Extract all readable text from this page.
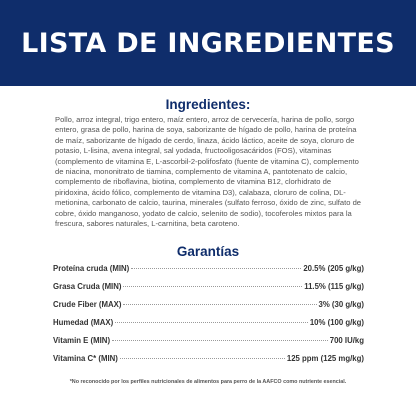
LISTA DE INGREDIENTES
Ingredientes:
Pollo, arroz integral, trigo entero, maíz entero, arroz de cervecería, harina de pollo, sorgo entero, grasa de pollo, harina de soya, saborizante de hígado de pollo, harina de proteína de maíz, saborizante de hígado de cerdo, linaza, ácido láctico, aceite de soya, cloruro de potasio, L-lisina, avena integral, sal yodada, fructooligosacáridos (FOS), vitaminas (complemento de vitamina E, L-ascorbil-2-polifosfato (fuente de vitamina C), complemento de niacina, mononitrato de tiamina, complemento de vitamina A, pantotenato de calcio, complemento de riboflavina, biotina, complemento de vitamina B12, clorhidrato de piridoxina, ácido fólico, complemento de vitamina D3), calabaza, cloruro de colina, DL-metionina, carbonato de calcio, taurina, minerales (sulfato ferroso, óxido de zinc, sulfato de cobre, óxido manganoso, yodato de calcio, selenito de sodio), tocoferoles mixtos para la frescura, sabores naturales, L-carnitina, beta caroteno.
Garantías
Proteína cruda (MIN)	20.5% (205 g/kg)
Grasa Cruda (MIN)	11.5% (115 g/kg)
Crude Fiber (MAX)	3% (30 g/kg)
Humedad (MAX)	10% (100 g/kg)
Vitamin E (MIN)	700 IU/kg
Vitamina C* (MIN)	125 ppm (125 mg/kg)
*No reconocido por los perfiles nutricionales de alimentos para perro de la AAFCO como nutriente esencial.
